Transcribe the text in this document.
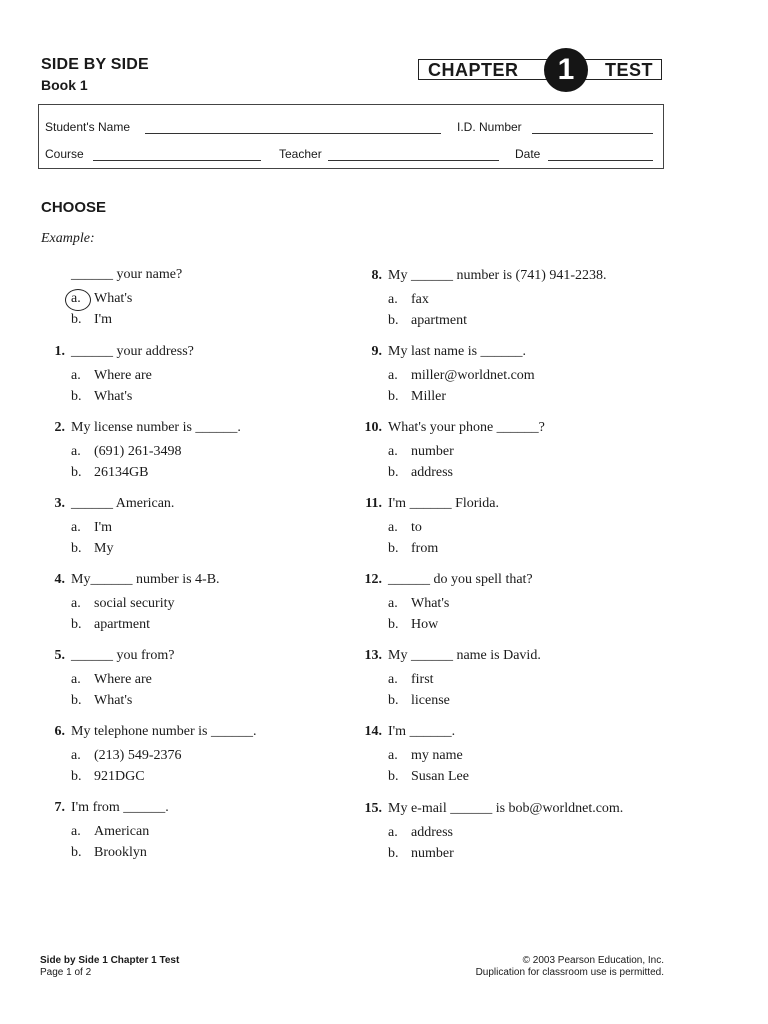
SIDE BY SIDE
Book 1
CHAPTER	1	TEST
Student's Name	I.D. Number
Course	Teacher	Date
CHOOSE
Example:
______ your name?
a. What's
b. I'm
1. ______ your address?
a. Where are
b. What's
2. My license number is ______.
a. (691) 261-3498
b. 26134GB
3. ______ American.
a. I'm
b. My
4. My______ number is 4-B.
a. social security
b. apartment
5. ______ you from?
a. Where are
b. What's
6. My telephone number is ______.
a. (213) 549-2376
b. 921DGC
7. I'm from ______.
a. American
b. Brooklyn
8. My ______ number is (741) 941-2238.
a. fax
b. apartment
9. My last name is ______.
a. miller@worldnet.com
b. Miller
10. What's your phone ______?
a. number
b. address
11. I'm ______ Florida.
a. to
b. from
12. ______ do you spell that?
a. What's
b. How
13. My ______ name is David.
a. first
b. license
14. I'm ______.
a. my name
b. Susan Lee
15. My e-mail ______ is bob@worldnet.com.
a. address
b. number
Side by Side 1 Chapter 1 Test
Page 1 of 2
© 2003 Pearson Education, Inc.
Duplication for classroom use is permitted.
